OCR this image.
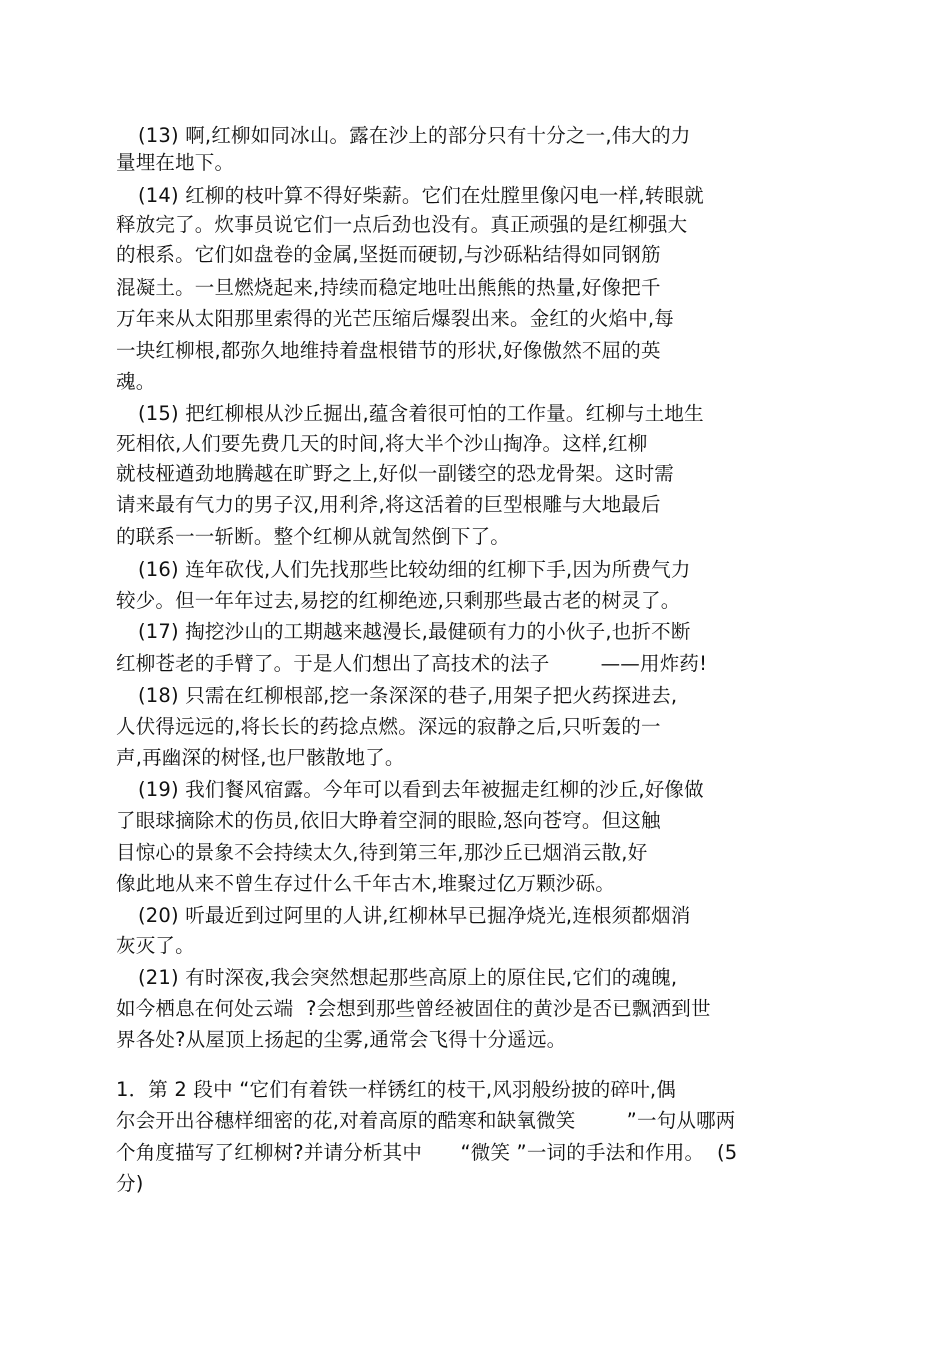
(13) 啊,红柳如同冰山。露在沙上的部分只有十分之一,伟大的力
量埋在地下。
(14) 红柳的枝叶算不得好柴薪。它们在灶膛里像闪电一样,转眼就
释放完了。炊事员说它们一点后劲也没有。真正顽强的是红柳强大
的根系。它们如盘卷的金属,坚挺而硬韧,与沙砾粘结得如同钢筋
混凝土。一旦燃烧起来,持续而稳定地吐出熊熊的热量,好像把千
万年来从太阳那里索得的光芒压缩后爆裂出来。金红的火焰中,每
一块红柳根,都弥久地维持着盘根错节的形状,好像傲然不屈的英
魂。
(15) 把红柳根从沙丘掘出,蕴含着很可怕的工作量。红柳与土地生
死相依,人们要先费几天的时间,将大半个沙山掏净。这样,红柳
就枝桠遒劲地腾越在旷野之上,好似一副镂空的恐龙骨架。这时需
请来最有气力的男子汉,用利斧,将这活着的巨型根雕与大地最后
的联系一一斩断。整个红柳从就訇然倒下了。
(16) 连年砍伐,人们先找那些比较幼细的红柳下手,因为所费气力
较少。但一年年过去,易挖的红柳绝迹,只剩那些最古老的树灵了。
(17) 掏挖沙山的工期越来越漫长,最健硕有力的小伙子,也折不断
红柳苍老的手臂了。于是人们想出了高技术的法子        ——用炸药!
(18) 只需在红柳根部,挖一条深深的巷子,用架子把火药探进去,
人伏得远远的,将长长的药捻点燃。深远的寂静之后,只听轰的一
声,再幽深的树怪,也尸骸散地了。
(19) 我们餐风宿露。今年可以看到去年被掘走红柳的沙丘,好像做
了眼球摘除术的伤员,依旧大睁着空洞的眼睑,怒向苍穹。但这触
目惊心的景象不会持续太久,待到第三年,那沙丘已烟消云散,好
像此地从来不曾生存过什么千年古木,堆聚过亿万颗沙砾。
(20) 听最近到过阿里的人讲,红柳林早已掘净烧光,连根须都烟消
灰灭了。
(21) 有时深夜,我会突然想起那些高原上的原住民,它们的魂魄,
如今栖息在何处云端  ?会想到那些曾经被固住的黄沙是否已飘洒到世
界各处?从屋顶上扬起的尘雾,通常会飞得十分遥远。
1．第 2 段中 “它们有着铁一样锈红的枝干,风羽般纷披的碎叶,偶
尔会开出谷穗样细密的花,对着高原的酷寒和缺氧微笑        ”一句从哪两
个角度描写了红柳树?并请分析其中      “微笑 ”一词的手法和作用。  (5
分)
